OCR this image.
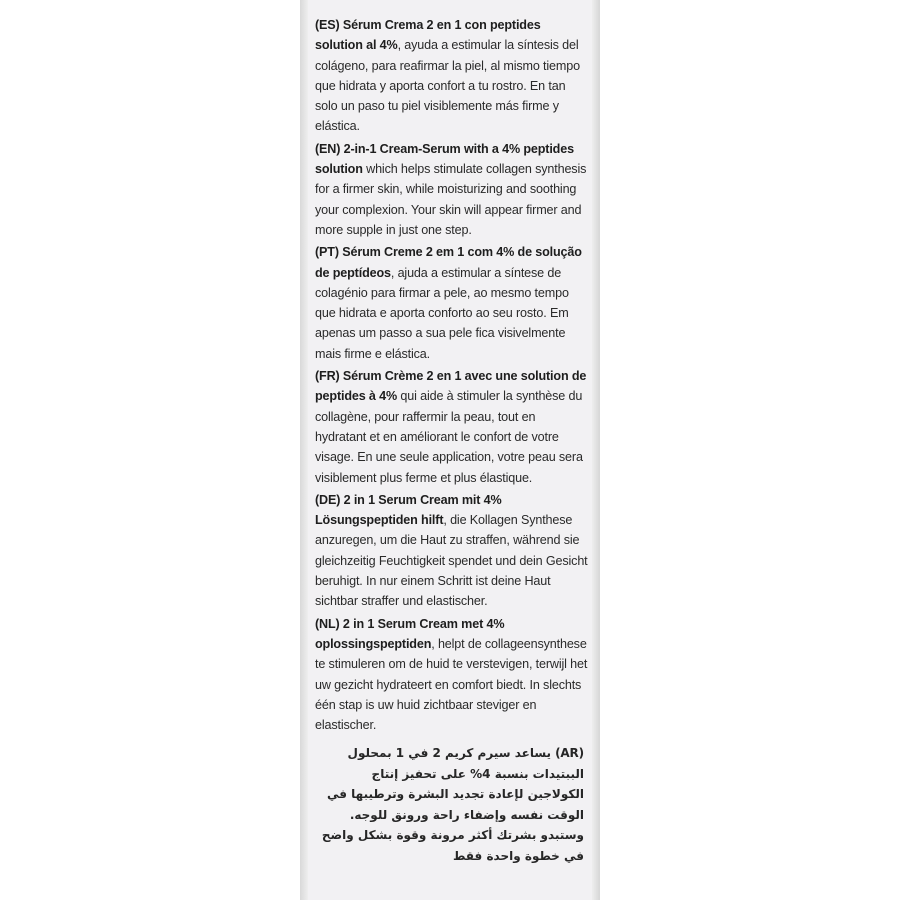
(ES) Sérum Crema 2 en 1 con peptides solution al 4%, ayuda a estimular la síntesis del colágeno, para reafirmar la piel, al mismo tiempo que hidrata y aporta confort a tu rostro. En tan solo un paso tu piel visiblemente más firme y elástica.

(EN) 2-in-1 Cream-Serum with a 4% peptides solution which helps stimulate collagen synthesis for a firmer skin, while moisturizing and soothing your complexion. Your skin will appear firmer and more supple in just one step.

(PT) Sérum Creme 2 em 1 com 4% de solução de peptídeos, ajuda a estimular a síntese de colagénio para firmar a pele, ao mesmo tempo que hidrata e aporta conforto ao seu rosto. Em apenas um passo a sua pele fica visivelmente mais firme e elástica.

(FR) Sérum Crème 2 en 1 avec une solution de peptides à 4% qui aide à stimuler la synthèse du collagène, pour raffermir la peau, tout en hydratant et en améliorant le confort de votre visage. En une seule application, votre peau sera visiblement plus ferme et plus élastique.

(DE) 2 in 1 Serum Cream mit 4% Lösungspeptiden hilft, die Kollagen Synthese anzuregen, um die Haut zu straffen, während sie gleichzeitig Feuchtigkeit spendet und dein Gesicht beruhigt. In nur einem Schritt ist deine Haut sichtbar straffer und elastischer.

(NL) 2 in 1 Serum Cream met 4% oplossingspeptiden, helpt de collageensynthese te stimuleren om de huid te verstevigen, terwijl het uw gezicht hydrateert en comfort biedt. In slechts één stap is uw huid zichtbaar steviger en elastischer.

(AR) يساعد سيرم كريم 2 في 1 بمحلول الببتيدات بنسبة 4% على تحفيز إنتاج الكولاجين لإعادة تجديد البشرة وترطيبها في الوقت نفسه وإضفاء راحة ورونق للوجه. وستبدو بشرتك أكثر مرونة وقوة بشكل واضح في خطوة واحدة فقط
